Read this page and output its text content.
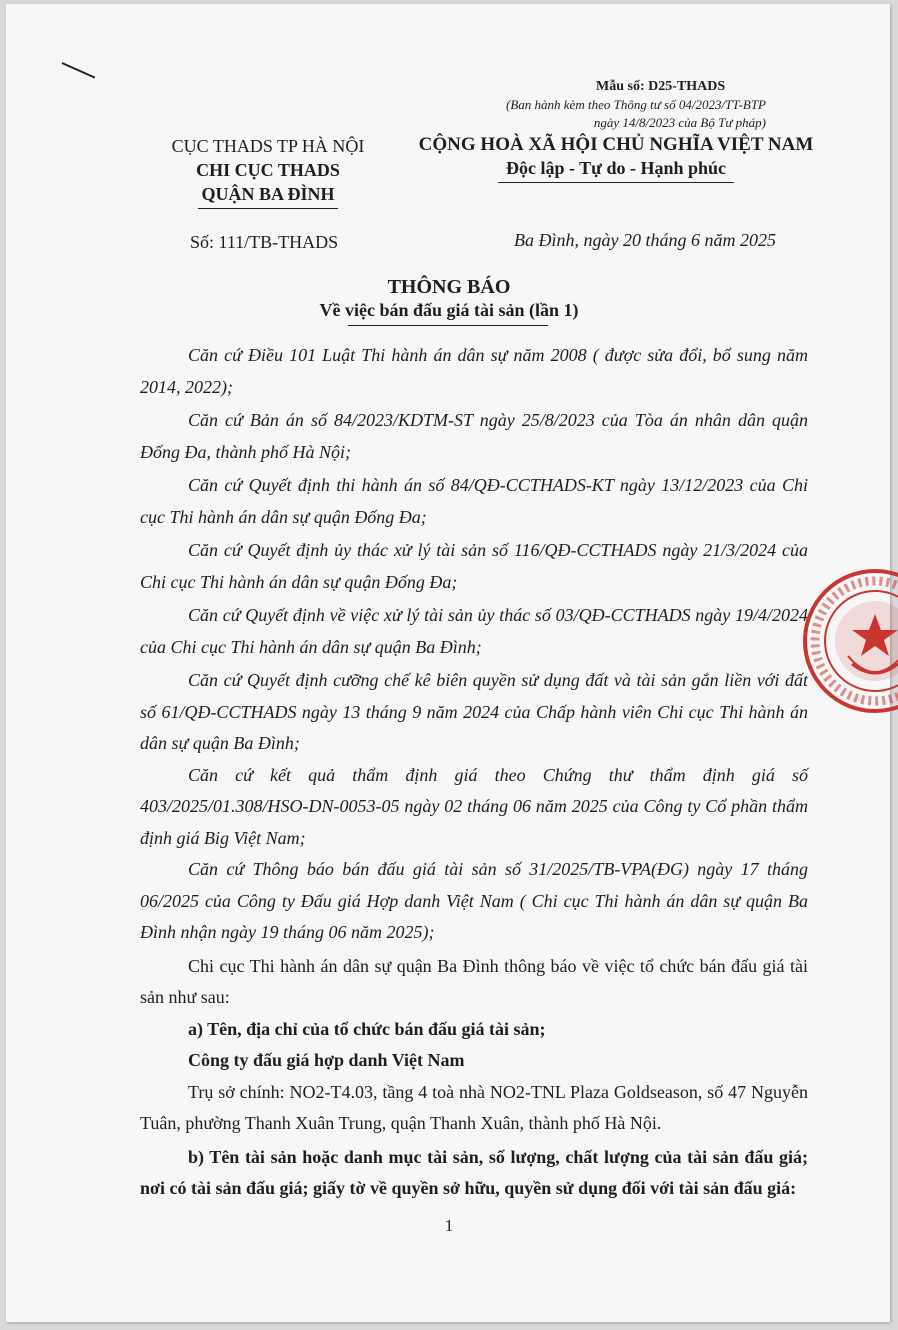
Mẫu số: D25-THADS
(Ban hành kèm theo Thông tư số 04/2023/TT-BTP
ngày 14/8/2023 của Bộ Tư pháp)
CỤC THADS TP HÀ NỘI
CHI CỤC THADS
QUẬN BA ĐÌNH
CỘNG HOÀ XÃ HỘI CHỦ NGHĨA VIỆT NAM
Độc lập - Tự do - Hạnh phúc
Số: 111/TB-THADS	Ba Đình, ngày 20 tháng 6 năm 2025
THÔNG BÁO
Về việc bán đấu giá tài sản (lần 1)

Căn cứ Điều 101 Luật Thi hành án dân sự năm 2008 ( được sửa đổi, bổ sung năm 2014, 2022);

Căn cứ Bản án số 84/2023/KDTM-ST ngày 25/8/2023 của Tòa án nhân dân quận Đống Đa, thành phố Hà Nội;

Căn cứ Quyết định thi hành án số 84/QĐ-CCTHADS-KT ngày 13/12/2023 của Chi cục Thi hành án dân sự quận Đống Đa;

Căn cứ Quyết định ủy thác xử lý tài sản số 116/QĐ-CCTHADS ngày 21/3/2024 của Chi cục Thi hành án dân sự quận Đống Đa;

Căn cứ Quyết định về việc xử lý tài sản ủy thác số 03/QĐ-CCTHADS ngày 19/4/2024 của Chi cục Thi hành án dân sự quận Ba Đình;

Căn cứ Quyết định cưỡng chế kê biên quyền sử dụng đất và tài sản gắn liền với đất số 61/QĐ-CCTHADS ngày 13 tháng 9 năm 2024 của Chấp hành viên Chi cục Thi hành án dân sự quận Ba Đình;

Căn cứ kết quả thẩm định giá theo Chứng thư thẩm định giá số 403/2025/01.308/HSO-DN-0053-05 ngày 02 tháng 06 năm 2025 của Công ty Cổ phần thẩm định giá Big Việt Nam;

Căn cứ Thông báo bán đấu giá tài sản số 31/2025/TB-VPA(ĐG) ngày 17 tháng 06/2025 của Công ty Đấu giá Hợp danh Việt Nam ( Chi cục Thi hành án dân sự quận Ba Đình nhận ngày 19 tháng 06 năm 2025);

Chi cục Thi hành án dân sự quận Ba Đình thông báo về việc tổ chức bán đấu giá tài sản như sau:

a) Tên, địa chỉ của tổ chức bán đấu giá tài sản;

Công ty đấu giá hợp danh Việt Nam

Trụ sở chính: NO2-T4.03, tầng 4 toà nhà NO2-TNL Plaza Goldseason, số 47 Nguyễn Tuân, phường Thanh Xuân Trung, quận Thanh Xuân, thành phố Hà Nội.

b) Tên tài sản hoặc danh mục tài sản, số lượng, chất lượng của tài sản đấu giá; nơi có tài sản đấu giá; giấy tờ về quyền sở hữu, quyền sử dụng đối với tài sản đấu giá:

1
